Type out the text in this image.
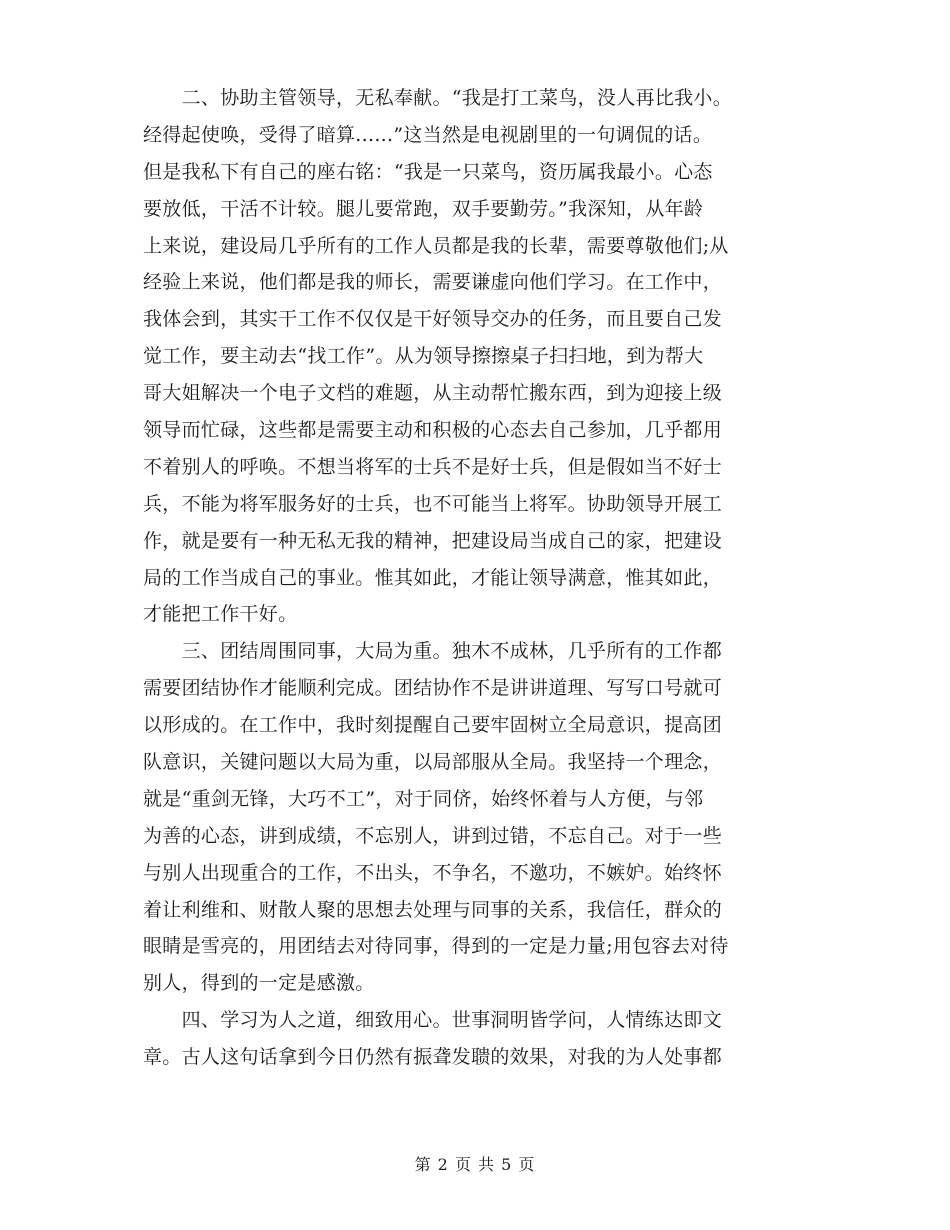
　　二、协助主管领导，无私奉献。“我是打工菜鸟，没人再比我小。
经得起使唤，受得了暗算......”这当然是电视剧里的一句调侃的话。
但是我私下有自己的座右铭：“我是一只菜鸟，资历属我最小。心态
要放低，干活不计较。腿儿要常跑，双手要勤劳。”我深知，从年龄
上来说，建设局几乎所有的工作人员都是我的长辈，需要尊敬他们;从
经验上来说，他们都是我的师长，需要谦虚向他们学习。在工作中，
我体会到，其实干工作不仅仅是干好领导交办的任务，而且要自己发
觉工作，要主动去“找工作”。从为领导擦擦桌子扫扫地，到为帮大
哥大姐解决一个电子文档的难题，从主动帮忙搬东西，到为迎接上级
领导而忙碌，这些都是需要主动和积极的心态去自己参加，几乎都用
不着别人的呼唤。不想当将军的士兵不是好士兵，但是假如当不好士
兵，不能为将军服务好的士兵，也不可能当上将军。协助领导开展工
作，就是要有一种无私无我的精神，把建设局当成自己的家，把建设
局的工作当成自己的事业。惟其如此，才能让领导满意，惟其如此，
才能把工作干好。
　　三、团结周围同事，大局为重。独木不成林，几乎所有的工作都
需要团结协作才能顺利完成。团结协作不是讲讲道理、写写口号就可
以形成的。在工作中，我时刻提醒自己要牢固树立全局意识，提高团
队意识，关键问题以大局为重，以局部服从全局。我坚持一个理念，
就是“重剑无锋，大巧不工”，对于同侪，始终怀着与人方便，与邻
为善的心态，讲到成绩，不忘别人，讲到过错，不忘自己。对于一些
与别人出现重合的工作，不出头，不争名，不邀功，不嫉妒。始终怀
着让利维和、财散人聚的思想去处理与同事的关系，我信任，群众的
眼睛是雪亮的，用团结去对待同事，得到的一定是力量;用包容去对待
别人，得到的一定是感激。
　　四、学习为人之道，细致用心。世事洞明皆学问，人情练达即文
章。古人这句话拿到今日仍然有振聋发聩的效果，对我的为人处事都
第 2 页 共 5 页
